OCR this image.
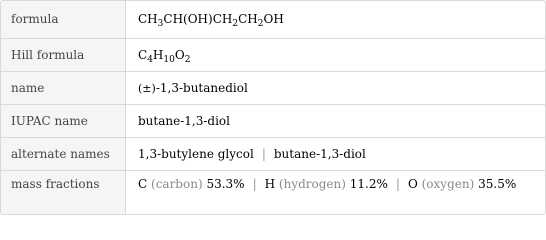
formula	$CH_3CH(OH)CH_2CH_2OH$
Hill formula	$C_4H_{10}O_2$
name	(±)-1,3-butanediol
IUPAC name	butane-1,3-diol
alternate names	1,3-butylene glycol | butane-1,3-diol
mass fractions	C (carbon) 53.3% | H (hydrogen) 11.2% | O (oxygen) 35.5%
